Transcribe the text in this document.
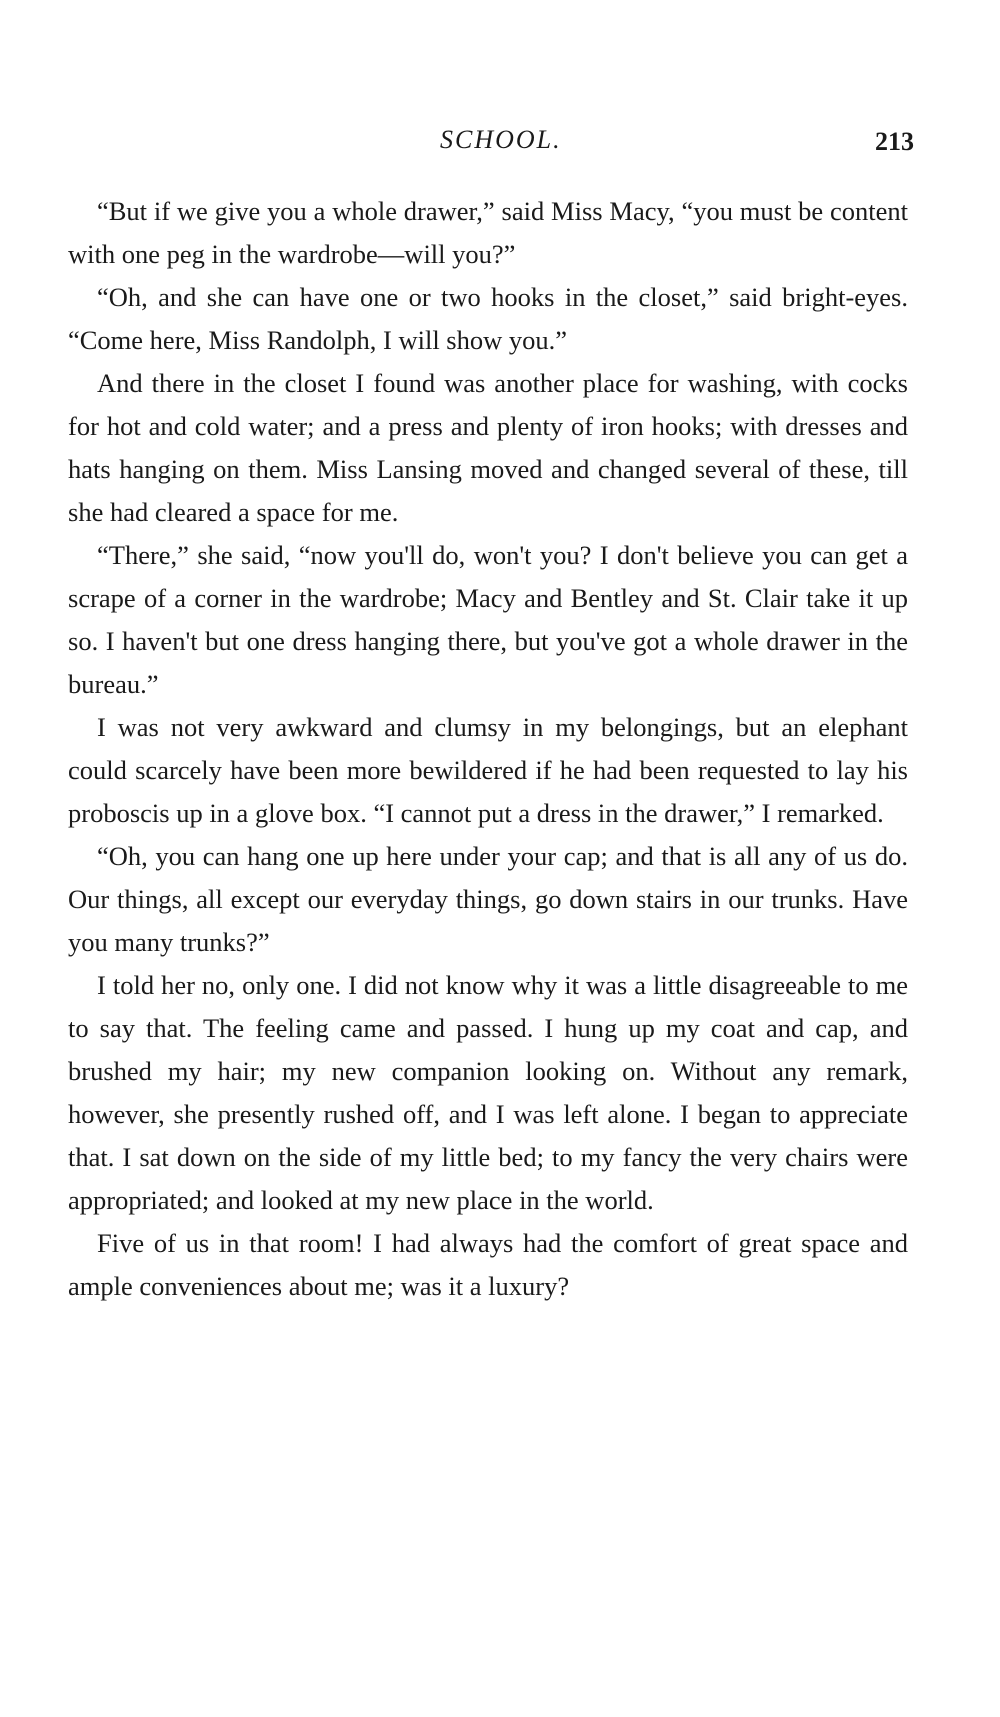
SCHOOL.	213

“But if we give you a whole drawer,” said Miss Macy, “you must be content with one peg in the wardrobe—will you?”

“Oh, and she can have one or two hooks in the closet,” said bright-eyes. “Come here, Miss Randolph, I will show you.”

And there in the closet I found was another place for washing, with cocks for hot and cold water; and a press and plenty of iron hooks; with dresses and hats hanging on them. Miss Lansing moved and changed several of these, till she had cleared a space for me.

“There,” she said, “now you'll do, won't you? I don't believe you can get a scrape of a corner in the wardrobe; Macy and Bentley and St. Clair take it up so. I haven't but one dress hanging there, but you've got a whole drawer in the bureau.”

I was not very awkward and clumsy in my belongings, but an elephant could scarcely have been more bewildered if he had been requested to lay his proboscis up in a glove box. “I cannot put a dress in the drawer,” I remarked.

“Oh, you can hang one up here under your cap; and that is all any of us do. Our things, all except our everyday things, go down stairs in our trunks. Have you many trunks?”

I told her no, only one. I did not know why it was a little disagreeable to me to say that. The feeling came and passed. I hung up my coat and cap, and brushed my hair; my new companion looking on. Without any remark, however, she presently rushed off, and I was left alone. I began to appreciate that. I sat down on the side of my little bed; to my fancy the very chairs were appropriated; and looked at my new place in the world.

Five of us in that room! I had always had the comfort of great space and ample conveniences about me; was it a luxury?
